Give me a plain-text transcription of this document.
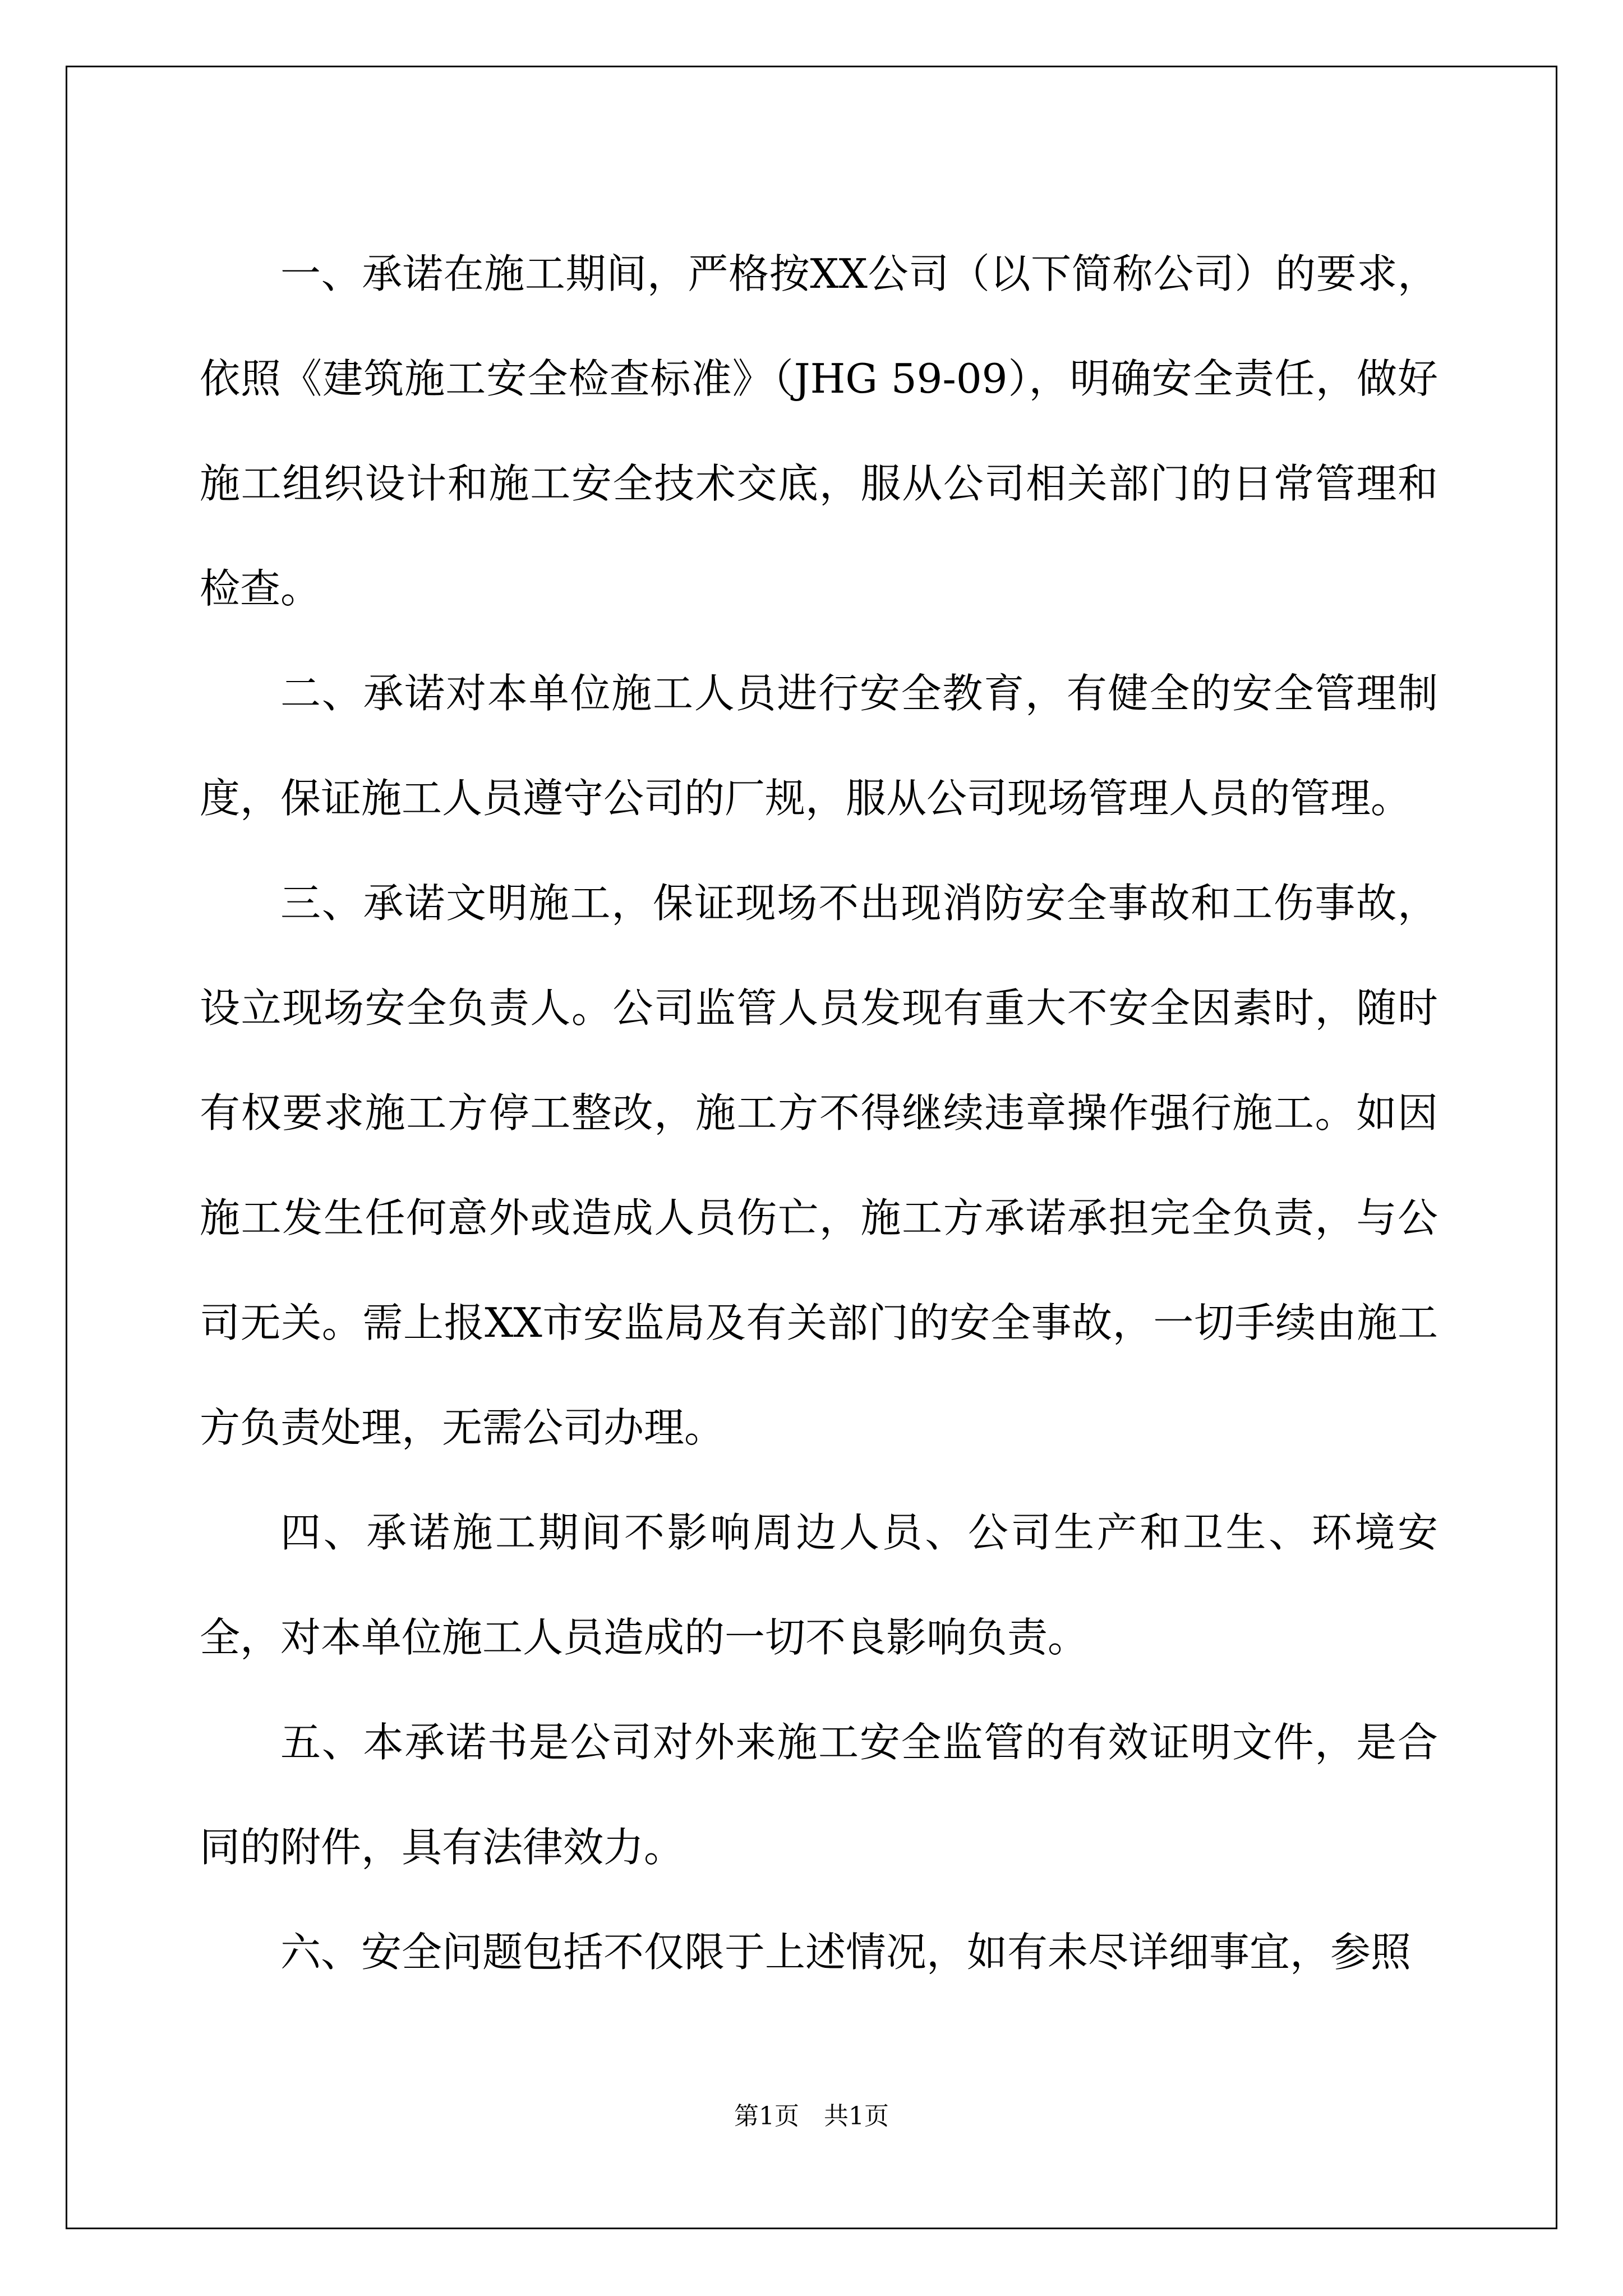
一、承诺在施工期间，严格按XX公司（以下简称公司）的要求，依照《建筑施工安全检查标准》（JHG 59-09），明确安全责任，做好施工组织设计和施工安全技术交底，服从公司相关部门的日常管理和检查。

二、承诺对本单位施工人员进行安全教育，有健全的安全管理制度，保证施工人员遵守公司的厂规，服从公司现场管理人员的管理。

三、承诺文明施工，保证现场不出现消防安全事故和工伤事故，设立现场安全负责人。公司监管人员发现有重大不安全因素时，随时有权要求施工方停工整改，施工方不得继续违章操作强行施工。如因施工发生任何意外或造成人员伤亡，施工方承诺承担完全负责，与公司无关。需上报XX市安监局及有关部门的安全事故，一切手续由施工方负责处理，无需公司办理。

四、承诺施工期间不影响周边人员、公司生产和卫生、环境安全，对本单位施工人员造成的一切不良影响负责。

五、本承诺书是公司对外来施工安全监管的有效证明文件，是合同的附件，具有法律效力。

六、安全问题包括不仅限于上述情况，如有未尽详细事宜，参照

第1页　共1页
